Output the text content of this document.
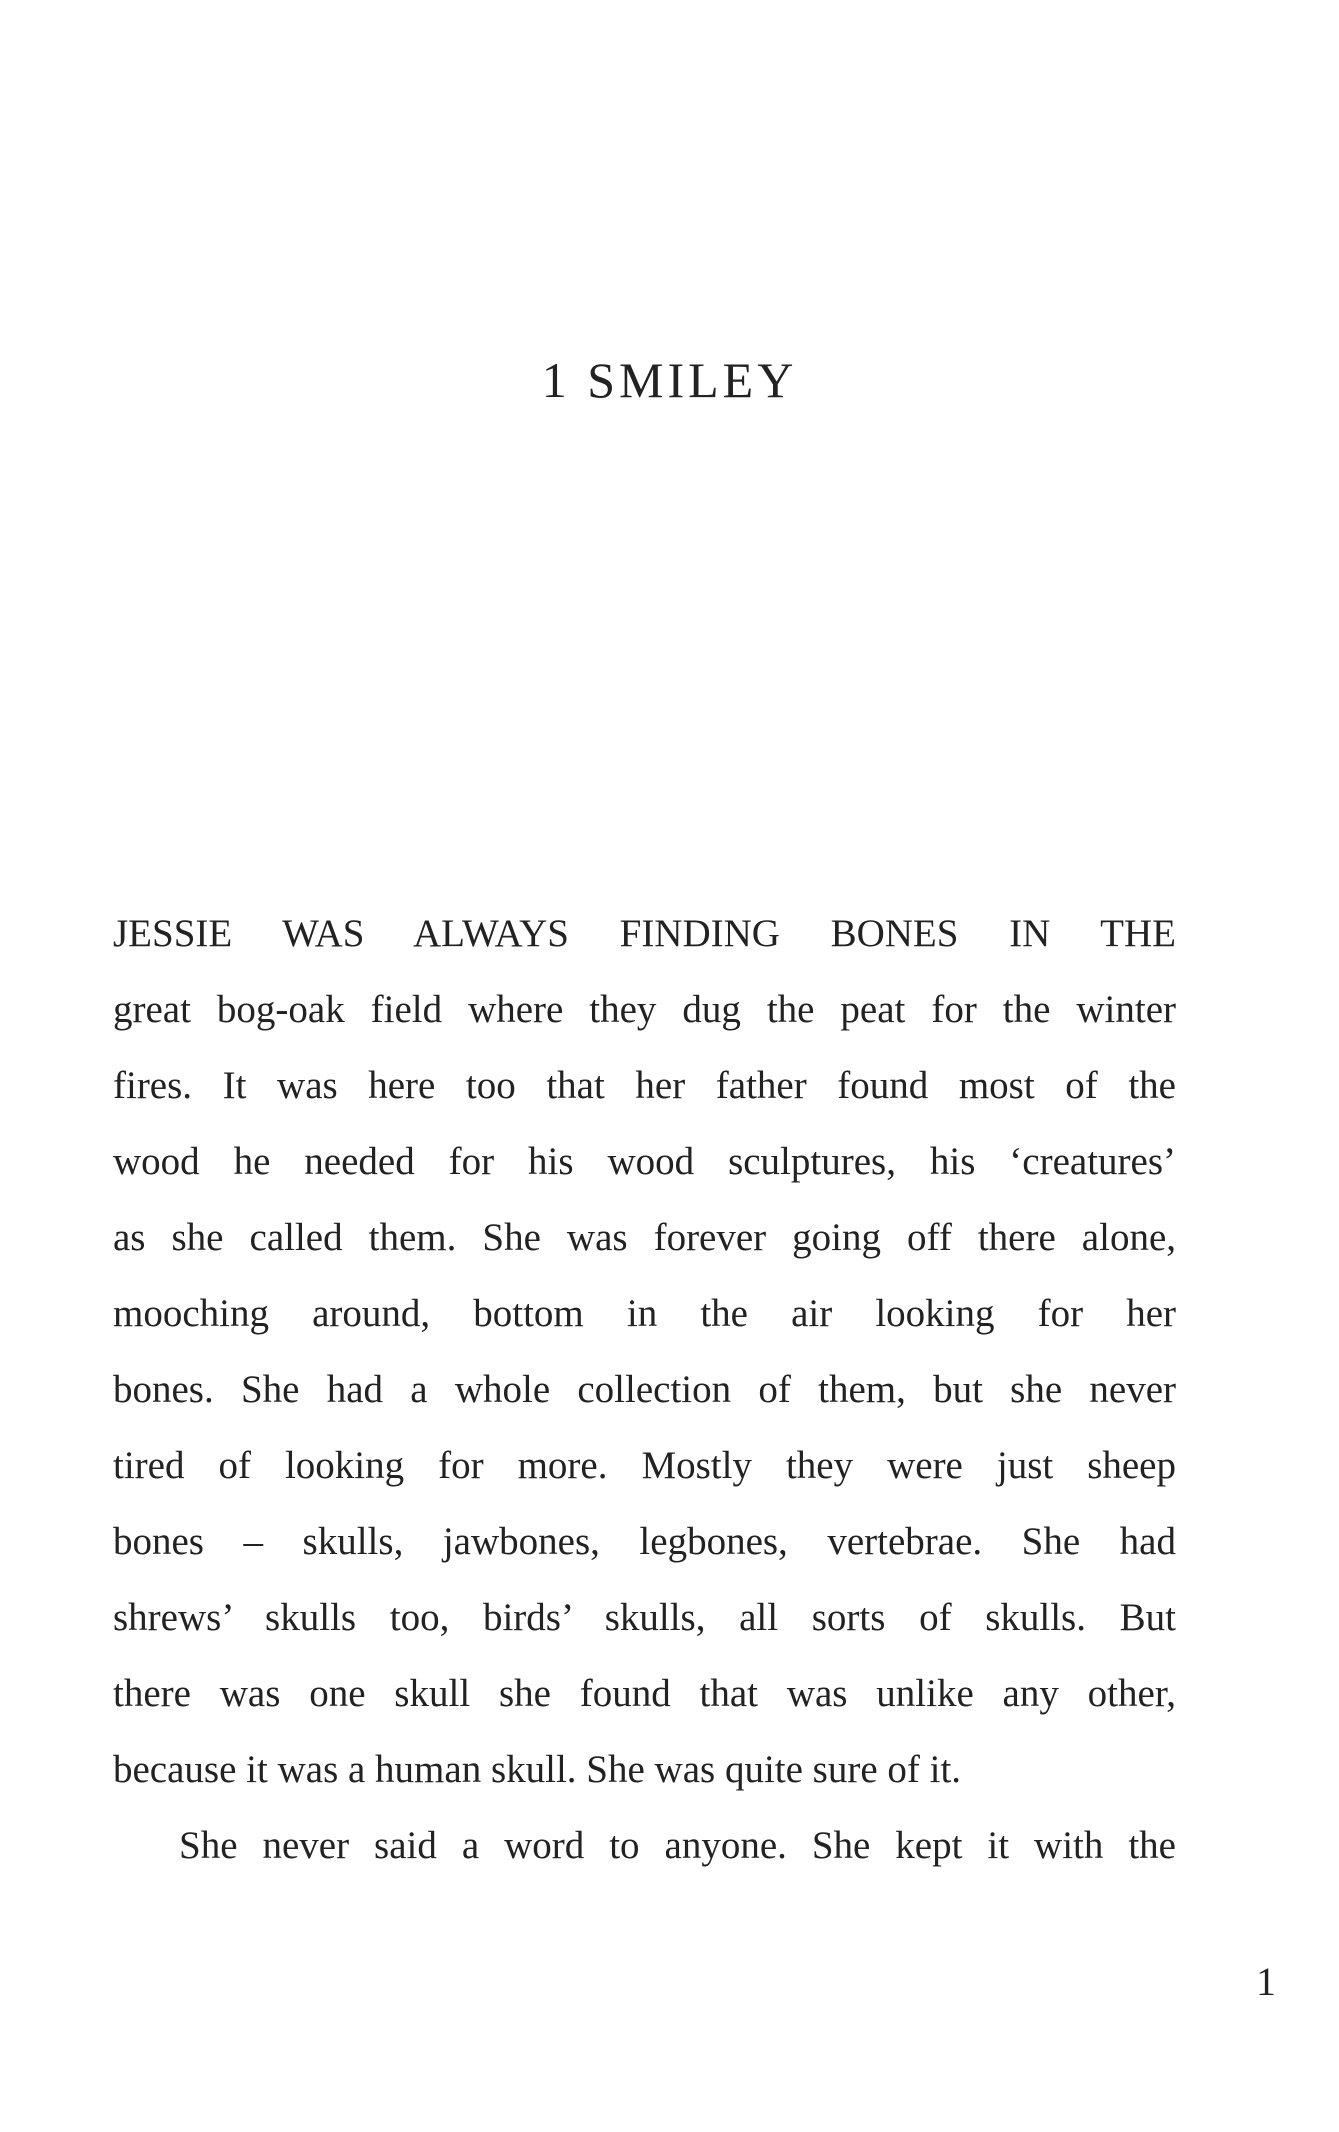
1 SMILEY

JESSIE WAS ALWAYS FINDING BONES IN THE
great bog-oak field where they dug the peat for the winter
fires. It was here too that her father found most of the
wood he needed for his wood sculptures, his ‘creatures’
as she called them. She was forever going off there alone,
mooching around, bottom in the air looking for her
bones. She had a whole collection of them, but she never
tired of looking for more. Mostly they were just sheep
bones – skulls, jawbones, legbones, vertebrae. She had
shrews’ skulls too, birds’ skulls, all sorts of skulls. But
there was one skull she found that was unlike any other,
because it was a human skull. She was quite sure of it.

She never said a word to anyone. She kept it with the

1
